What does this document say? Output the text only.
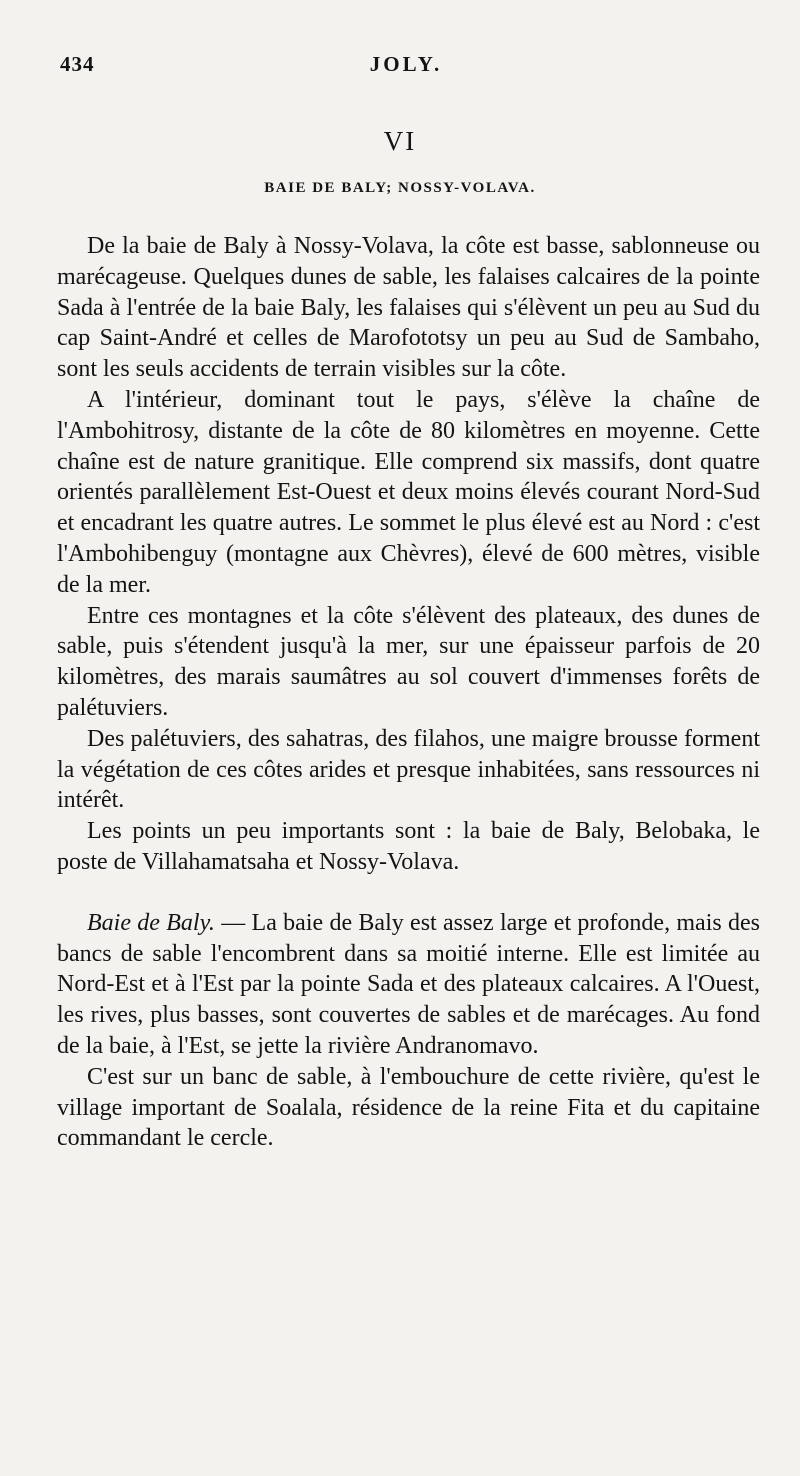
434	JOLY.
VI
BAIE DE BALY; NOSSY-VOLAVA.

De la baie de Baly à Nossy-Volava, la côte est basse, sablonneuse ou marécageuse. Quelques dunes de sable, les falaises calcaires de la pointe Sada à l'entrée de la baie Baly, les falaises qui s'élèvent un peu au Sud du cap Saint-André et celles de Marofototsy un peu au Sud de Sambaho, sont les seuls accidents de terrain visibles sur la côte.

A l'intérieur, dominant tout le pays, s'élève la chaîne de l'Ambohitrosy, distante de la côte de 80 kilomètres en moyenne. Cette chaîne est de nature granitique. Elle comprend six massifs, dont quatre orientés parallèlement Est-Ouest et deux moins élevés courant Nord-Sud et encadrant les quatre autres. Le sommet le plus élevé est au Nord : c'est l'Ambohibenguy (montagne aux Chèvres), élevé de 600 mètres, visible de la mer.

Entre ces montagnes et la côte s'élèvent des plateaux, des dunes de sable, puis s'étendent jusqu'à la mer, sur une épaisseur parfois de 20 kilomètres, des marais saumâtres au sol couvert d'immenses forêts de palétuviers.

Des palétuviers, des sahatras, des filahos, une maigre brousse forment la végétation de ces côtes arides et presque inhabitées, sans ressources ni intérêt.

Les points un peu importants sont : la baie de Baly, Belobaka, le poste de Villahamatsaha et Nossy-Volava.

Baie de Baly. — La baie de Baly est assez large et profonde, mais des bancs de sable l'encombrent dans sa moitié interne. Elle est limitée au Nord-Est et à l'Est par la pointe Sada et des plateaux calcaires. A l'Ouest, les rives, plus basses, sont couvertes de sables et de marécages. Au fond de la baie, à l'Est, se jette la rivière Andranomavo.

C'est sur un banc de sable, à l'embouchure de cette rivière, qu'est le village important de Soalala, résidence de la reine Fita et du capitaine commandant le cercle.
